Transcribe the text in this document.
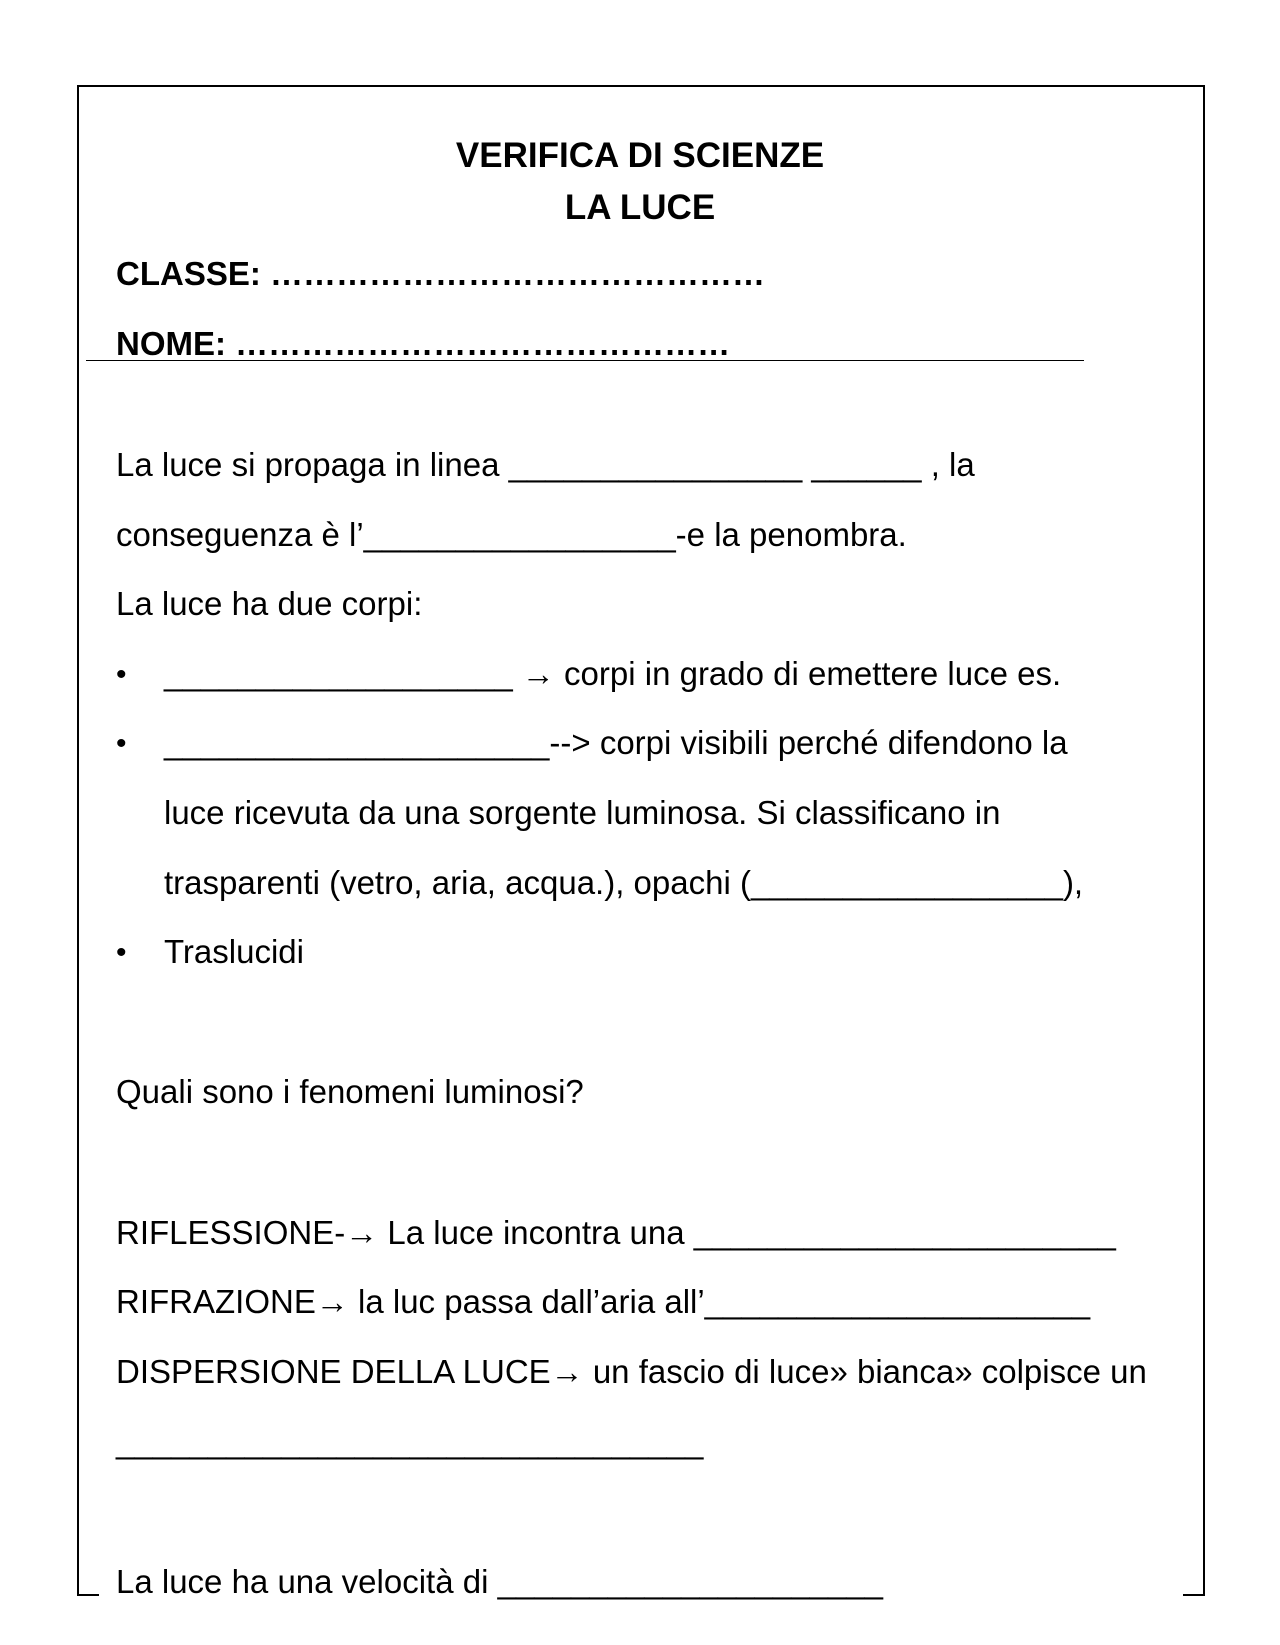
VERIFICA DI SCIENZE
LA LUCE
CLASSE: ………………………………………
NOME: ………………………………………
La luce si propaga in linea ________________ ______ , la
conseguenza è l’_________________-e la penombra.
La luce ha due corpi:
• ___________________ → corpi in grado di emettere luce es.
• _____________________--> corpi visibili perché difendono la
luce ricevuta da una sorgente luminosa. Si classificano in
trasparenti (vetro, aria, acqua.), opachi (_________________),
• Traslucidi
Quali sono i fenomeni luminosi?
RIFLESSIONE-→ La luce incontra una _______________________
RIFRAZIONE→ la luc passa dall’aria all’_____________________
DISPERSIONE DELLA LUCE→ un fascio di luce» bianca» colpisce un
________________________________
La luce ha una velocità di _____________________
